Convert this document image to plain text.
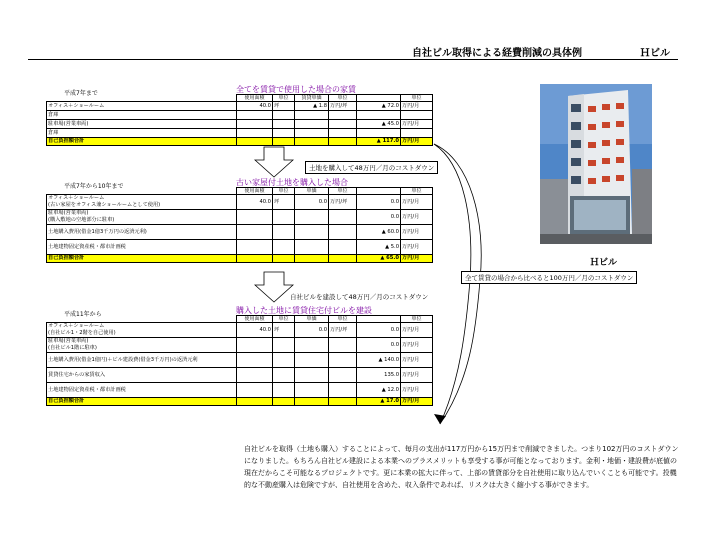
自社ビル取得による経費削減の具体例	Ｈビル
平成7年まで	全てを賃貸で使用した場合の家賃
	使用面積	単位	賃貸単価	単位		単位
オフィス＋ショールーム	40.0	坪	▲ 1.8	万円/坪	▲ 72.0	万円/月
倉庫						
駐車場(営業車両)					▲ 45.0	万円/月
倉庫						
自己負担額合計					▲ 117.0	万円/月
土地を購入して48万円／月のコストダウン
平成7年から10年まで	古い家屋付土地を購入した場合
	使用面積	単位	単価	単位		単位

オフィス＋ショールーム
(古い家屋をオフィス兼ショールームとして使用)	40.0	坪	0.0	万円/坪	0.0	万円/月

駐車場(営業車両)
(購入敷地の空地部分に駐車)					0.0	万円/月
土地購入費用(借金1億3千万円の返済元利)					▲ 60.0	万円/月
土地建物固定資産税・都市計画税					▲ 5.0	万円/月
自己負担額合計					▲ 65.0	万円/月
自社ビルを建設して48万円／月のコストダウン
平成11年から	購入した土地に賃貸住宅付ビルを建設
	使用面積	単位	単価	単位		単位

オフィス＋ショールーム
(自社ビル1・2階を自己使用)	40.0	坪	0.0	万円/坪	0.0	万円/月

駐車場(営業車両)
(自社ビル1階に駐車)					0.0	万円/月
土地購入費用(借金1億円)＋ビル建設費(借金3千万円)の返済元利					▲ 140.0	万円/月
賃貸住宅からの家賃収入					135.0	万円/月
土地建物固定資産税・都市計画税					▲ 12.0	万円/月
自己負担額合計					▲ 17.0	万円/月
全て賃貸の場合から比べると100万円／月のコストダウン
Ｈビル
自社ビルを取得（土地も購入）することによって、毎月の支出が117万円から15万円まで削減できました。つまり102万円のコストダウンになりました。もちろん自社ビル建設による本業へのプラスメリットも享受する事が可能となっております。金利・地価・建設費が底値の現在だからこそ可能なるプロジェクトです。更に本業の拡大に伴って、上部の賃貸部分を自社使用に取り込んでいくことも可能です。投機的な不動産購入は危険ですが、自社使用を含めた、収入条件であれば、リスクは大きく縮小する事ができます。
